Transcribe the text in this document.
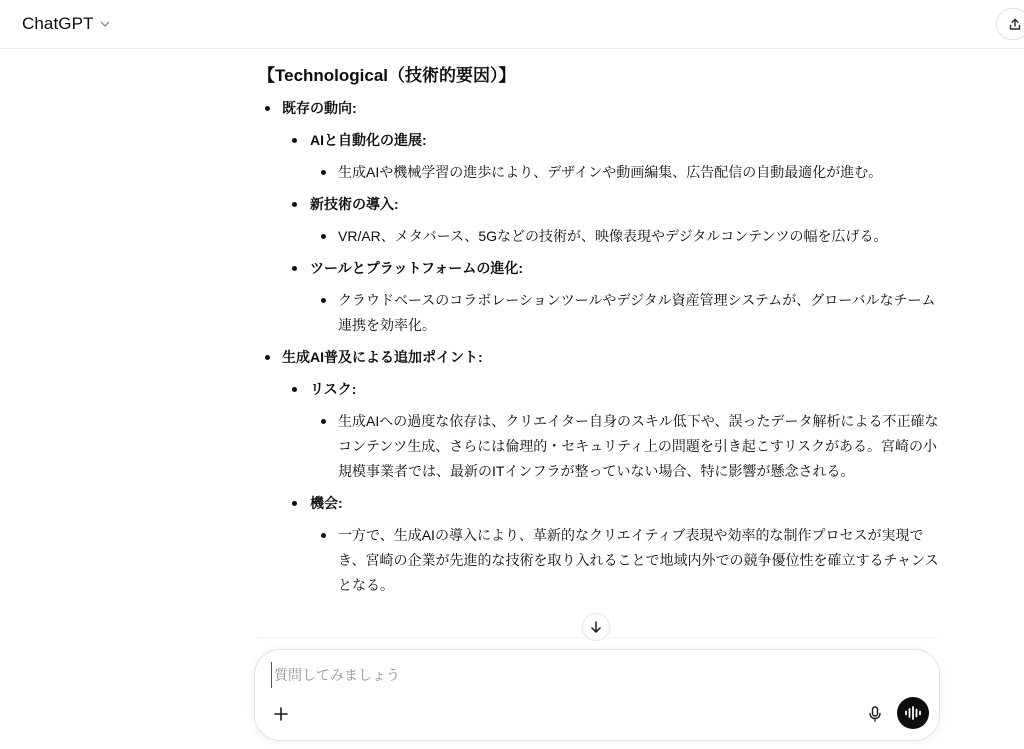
ChatGPT
【Technological（技術的要因）】
既存の動向:
AIと自動化の進展:
生成AIや機械学習の進歩により、デザインや動画編集、広告配信の自動最適化が進む。
新技術の導入:
VR/AR、メタバース、5Gなどの技術が、映像表現やデジタルコンテンツの幅を広げる。
ツールとプラットフォームの進化:
クラウドベースのコラボレーションツールやデジタル資産管理システムが、グローバルなチーム連携を効率化。
生成AI普及による追加ポイント:
リスク:
生成AIへの過度な依存は、クリエイター自身のスキル低下や、誤ったデータ解析による不正確なコンテンツ生成、さらには倫理的・セキュリティ上の問題を引き起こすリスクがある。宮崎の小規模事業者では、最新のITインフラが整っていない場合、特に影響が懸念される。
機会:
一方で、生成AIの導入により、革新的なクリエイティブ表現や効率的な制作プロセスが実現でき、宮崎の企業が先進的な技術を取り入れることで地域内外での競争優位性を確立するチャンスとなる。
質問してみましょう
